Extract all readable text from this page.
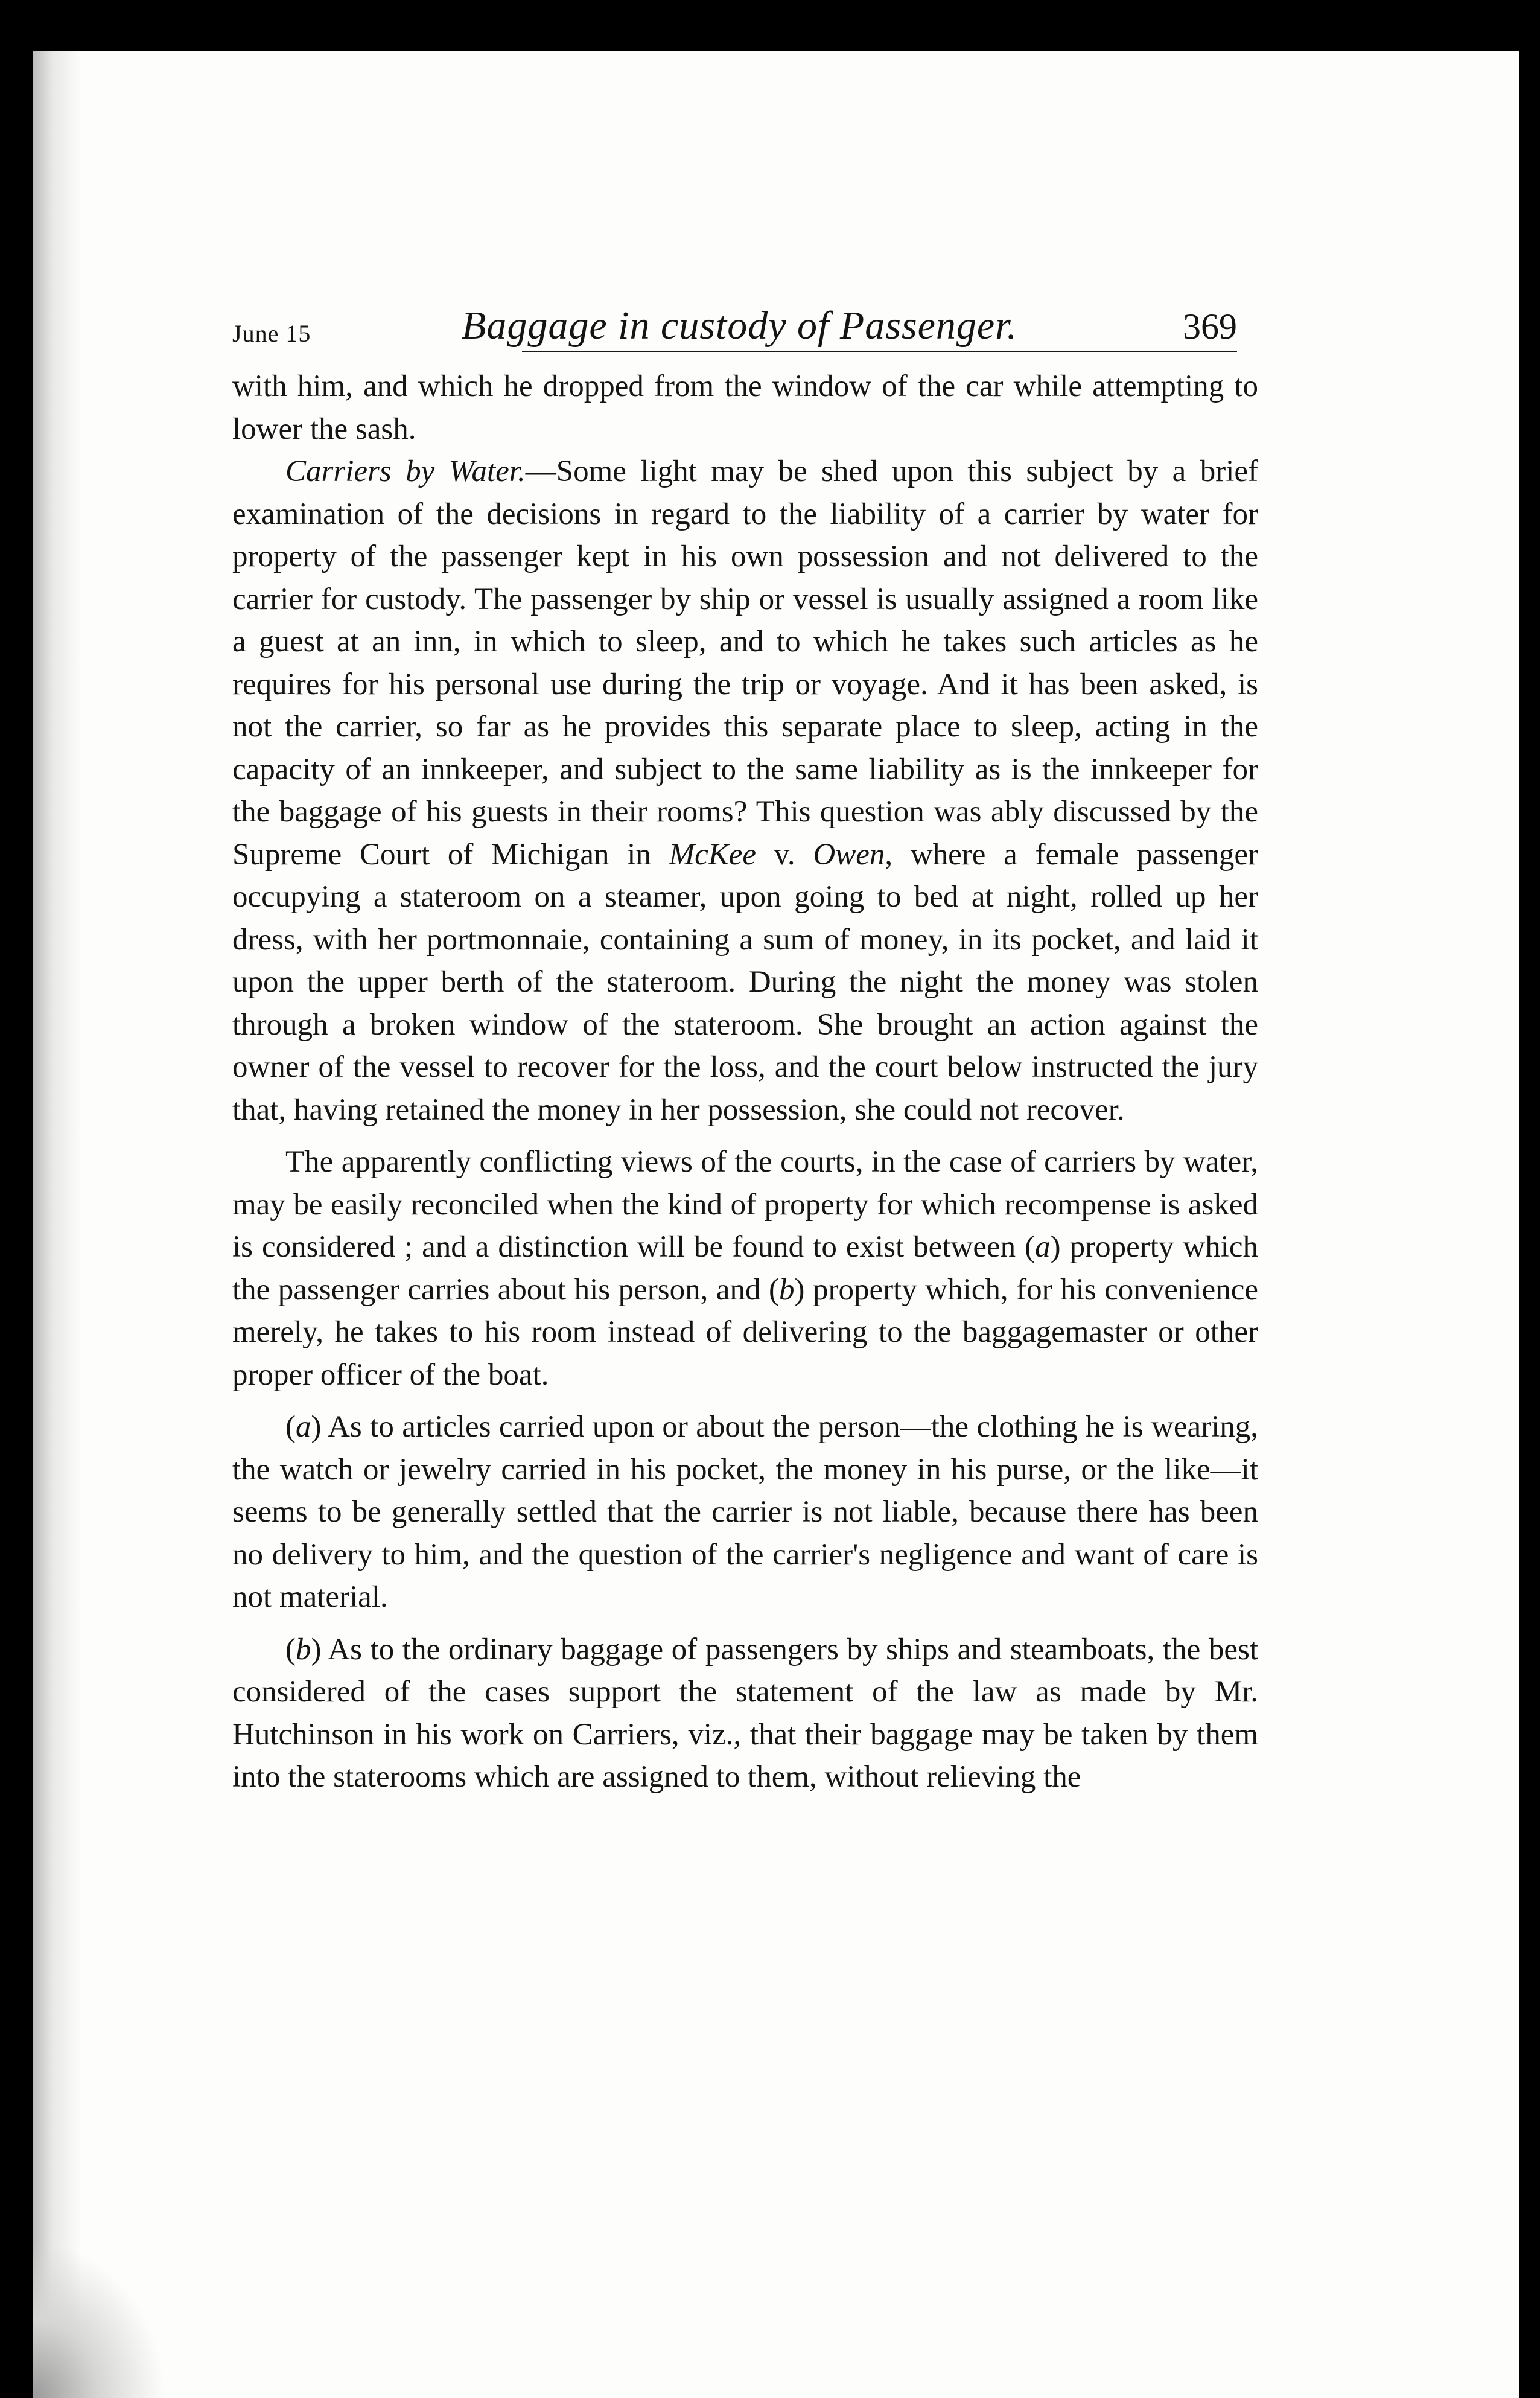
June 15	Baggage in custody of Passenger.	369

with him, and which he dropped from the window of the car while attempting to lower the sash.

Carriers by Water.—Some light may be shed upon this subject by a brief examination of the decisions in regard to the liability of a carrier by water for property of the passenger kept in his own possession and not delivered to the carrier for custody. The passenger by ship or vessel is usually assigned a room like a guest at an inn, in which to sleep, and to which he takes such articles as he requires for his personal use during the trip or voyage. And it has been asked, is not the carrier, so far as he provides this separate place to sleep, acting in the capacity of an innkeeper, and subject to the same liability as is the innkeeper for the baggage of his guests in their rooms? This question was ably discussed by the Supreme Court of Michigan in McKee v. Owen, where a female passenger occupying a stateroom on a steamer, upon going to bed at night, rolled up her dress, with her portmonnaie, containing a sum of money, in its pocket, and laid it upon the upper berth of the stateroom. During the night the money was stolen through a broken window of the stateroom. She brought an action against the owner of the vessel to recover for the loss, and the court below instructed the jury that, having retained the money in her possession, she could not recover.

The apparently conflicting views of the courts, in the case of carriers by water, may be easily reconciled when the kind of property for which recompense is asked is considered ; and a distinction will be found to exist between (a) property which the passenger carries about his person, and (b) property which, for his convenience merely, he takes to his room instead of delivering to the baggagemaster or other proper officer of the boat.

(a) As to articles carried upon or about the person—the clothing he is wearing, the watch or jewelry carried in his pocket, the money in his purse, or the like—it seems to be generally settled that the carrier is not liable, because there has been no delivery to him, and the question of the carrier's negligence and want of care is not material.

(b) As to the ordinary baggage of passengers by ships and steamboats, the best considered of the cases support the statement of the law as made by Mr. Hutchinson in his work on Carriers, viz., that their baggage may be taken by them into the staterooms which are assigned to them, without relieving the
